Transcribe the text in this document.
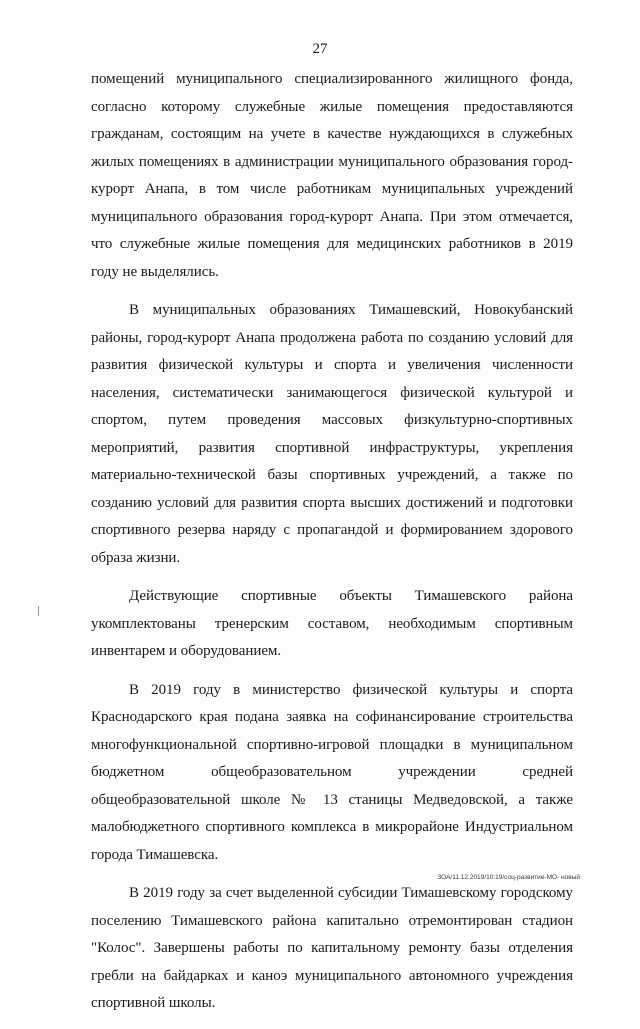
27

помещений муниципального специализированного жилищного фонда, согласно которому служебные жилые помещения предоставляются гражданам, состоящим на учете в качестве нуждающихся в служебных жилых помещениях в администрации муниципального образования город-курорт Анапа, в том числе работникам муниципальных учреждений муниципального образования город-курорт Анапа. При этом отмечается, что служебные жилые помещения для медицинских работников в 2019 году не выделялись.

В муниципальных образованиях Тимашевский, Новокубанский районы, город-курорт Анапа продолжена работа по созданию условий для развития физической культуры и спорта и увеличения численности населения, систематически занимающегося физической культурой и спортом, путем проведения массовых физкультурно-спортивных мероприятий, развития спортивной инфраструктуры, укрепления материально-технической базы спортивных учреждений, а также по созданию условий для развития спорта высших достижений и подготовки спортивного резерва наряду с пропагандой и формированием здорового образа жизни.

Действующие спортивные объекты Тимашевского района укомплектованы тренерским составом, необходимым спортивным инвентарем и оборудованием.

В 2019 году в министерство физической культуры и спорта Краснодарского края подана заявка на софинансирование строительства многофункциональной спортивно-игровой площадки в муниципальном бюджетном общеобразовательном учреждении средней общеобразовательной школе № 13 станицы Медведовской, а также малобюджетного спортивного комплекса в микрорайоне Индустриальном города Тимашевска.

В 2019 году за счет выделенной субсидии Тимашевскому городскому поселению Тимашевского района капитально отремонтирован стадион "Колос". Завершены работы по капитальному ремонту базы отделения гребли на байдарках и каноэ муниципального автономного учреждения спортивной школы.

ЗОА/11.12.2019/10:19/соц-развитие-МО- новый
